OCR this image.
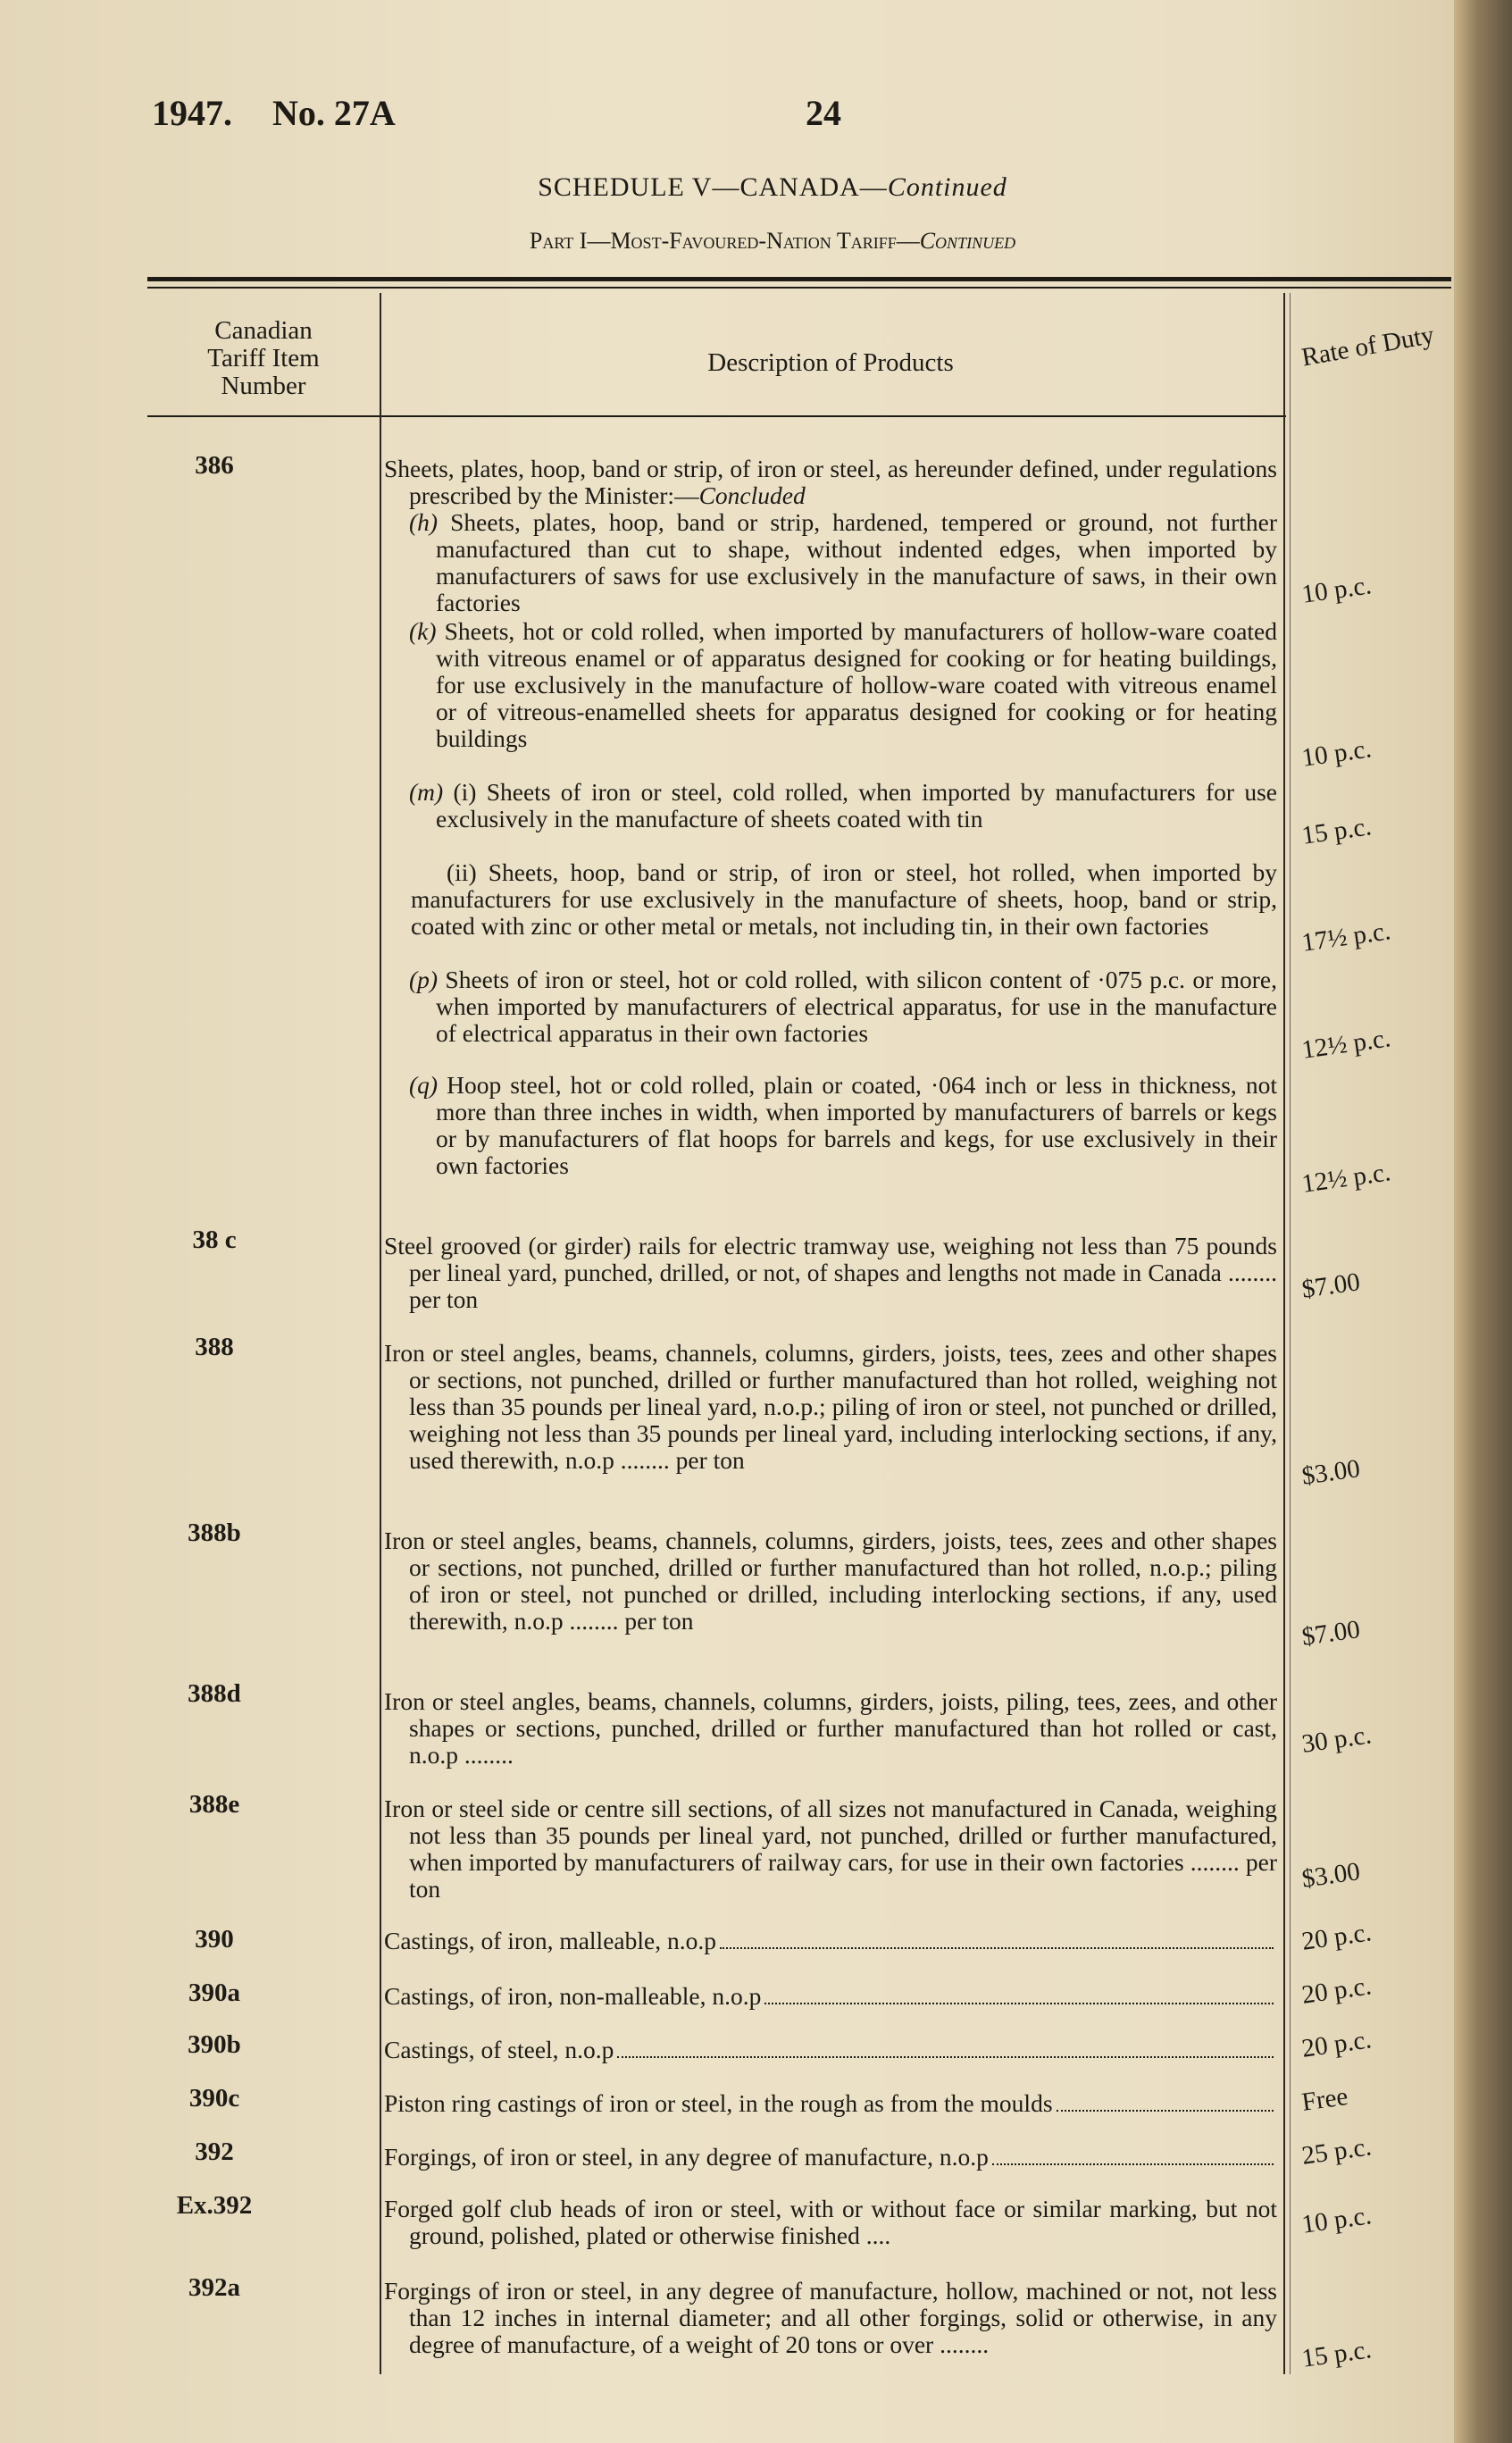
1947. No. 27A	24
SCHEDULE V—CANADA—Continued
Part I—Most-Favoured-Nation Tariff—Continued
Canadian
Tariff Item
Number
Description of Products	Rate of Duty
386	Sheets, plates, hoop, band or strip, of iron or steel, as hereunder defined, under regulations prescribed by the Minister:—Concluded

(h) Sheets, plates, hoop, band or strip, hardened, tempered or ground, not further manufactured than cut to shape, without indented edges, when imported by manufacturers of saws for use exclusively in the manufacture of saws, in their own factories	10 p.c.

(k) Sheets, hot or cold rolled, when imported by manufacturers of hollow-ware coated with vitreous enamel or of apparatus designed for cooking or for heating buildings, for use exclusively in the manufacture of hollow-ware coated with vitreous enamel or of vitreous-enamelled sheets for apparatus designed for cooking or for heating buildings	10 p.c.

(m) (i) Sheets of iron or steel, cold rolled, when imported by manufacturers for use exclusively in the manufacture of sheets coated with tin	15 p.c.

(ii) Sheets, hoop, band or strip, of iron or steel, hot rolled, when imported by manufacturers for use exclusively in the manufacture of sheets, hoop, band or strip, coated with zinc or other metal or metals, not including tin, in their own factories	17½ p.c.

(p) Sheets of iron or steel, hot or cold rolled, with silicon content of ·075 p.c. or more, when imported by manufacturers of electrical apparatus, for use in the manufacture of electrical apparatus in their own factories	12½ p.c.

(q) Hoop steel, hot or cold rolled, plain or coated, ·064 inch or less in thickness, not more than three inches in width, when imported by manufacturers of barrels or kegs or by manufacturers of flat hoops for barrels and kegs, for use exclusively in their own factories	12½ p.c.
38 c	Steel grooved (or girder) rails for electric tramway use, weighing not less than 75 pounds per lineal yard, punched, drilled, or not, of shapes and lengths not made in Canada ........ per ton	$7.00
388	Iron or steel angles, beams, channels, columns, girders, joists, tees, zees and other shapes or sections, not punched, drilled or further manufactured than hot rolled, weighing not less than 35 pounds per lineal yard, n.o.p.; piling of iron or steel, not punched or drilled, weighing not less than 35 pounds per lineal yard, including interlocking sections, if any, used therewith, n.o.p ........ per ton	$3.00
388b	Iron or steel angles, beams, channels, columns, girders, joists, tees, zees and other shapes or sections, not punched, drilled or further manufactured than hot rolled, n.o.p.; piling of iron or steel, not punched or drilled, including interlocking sections, if any, used therewith, n.o.p ........ per ton	$7.00
388d	Iron or steel angles, beams, channels, columns, girders, joists, piling, tees, zees, and other shapes or sections, punched, drilled or further manufactured than hot rolled or cast, n.o.p ........	30 p.c.
388e	Iron or steel side or centre sill sections, of all sizes not manufactured in Canada, weighing not less than 35 pounds per lineal yard, not punched, drilled or further manufactured, when imported by manufacturers of railway cars, for use in their own factories ........ per ton	$3.00
390	Castings, of iron, malleable, n.o.p	20 p.c.
390a	Castings, of iron, non-malleable, n.o.p	20 p.c.
390b	Castings, of steel, n.o.p	20 p.c.
390c	Piston ring castings of iron or steel, in the rough as from the moulds	Free
392	Forgings, of iron or steel, in any degree of manufacture, n.o.p	25 p.c.
Ex.392	Forged golf club heads of iron or steel, with or without face or similar marking, but not ground, polished, plated or otherwise finished ....	10 p.c.
392a	Forgings of iron or steel, in any degree of manufacture, hollow, machined or not, not less than 12 inches in internal diameter; and all other forgings, solid or otherwise, in any degree of manufacture, of a weight of 20 tons or over ........	15 p.c.
